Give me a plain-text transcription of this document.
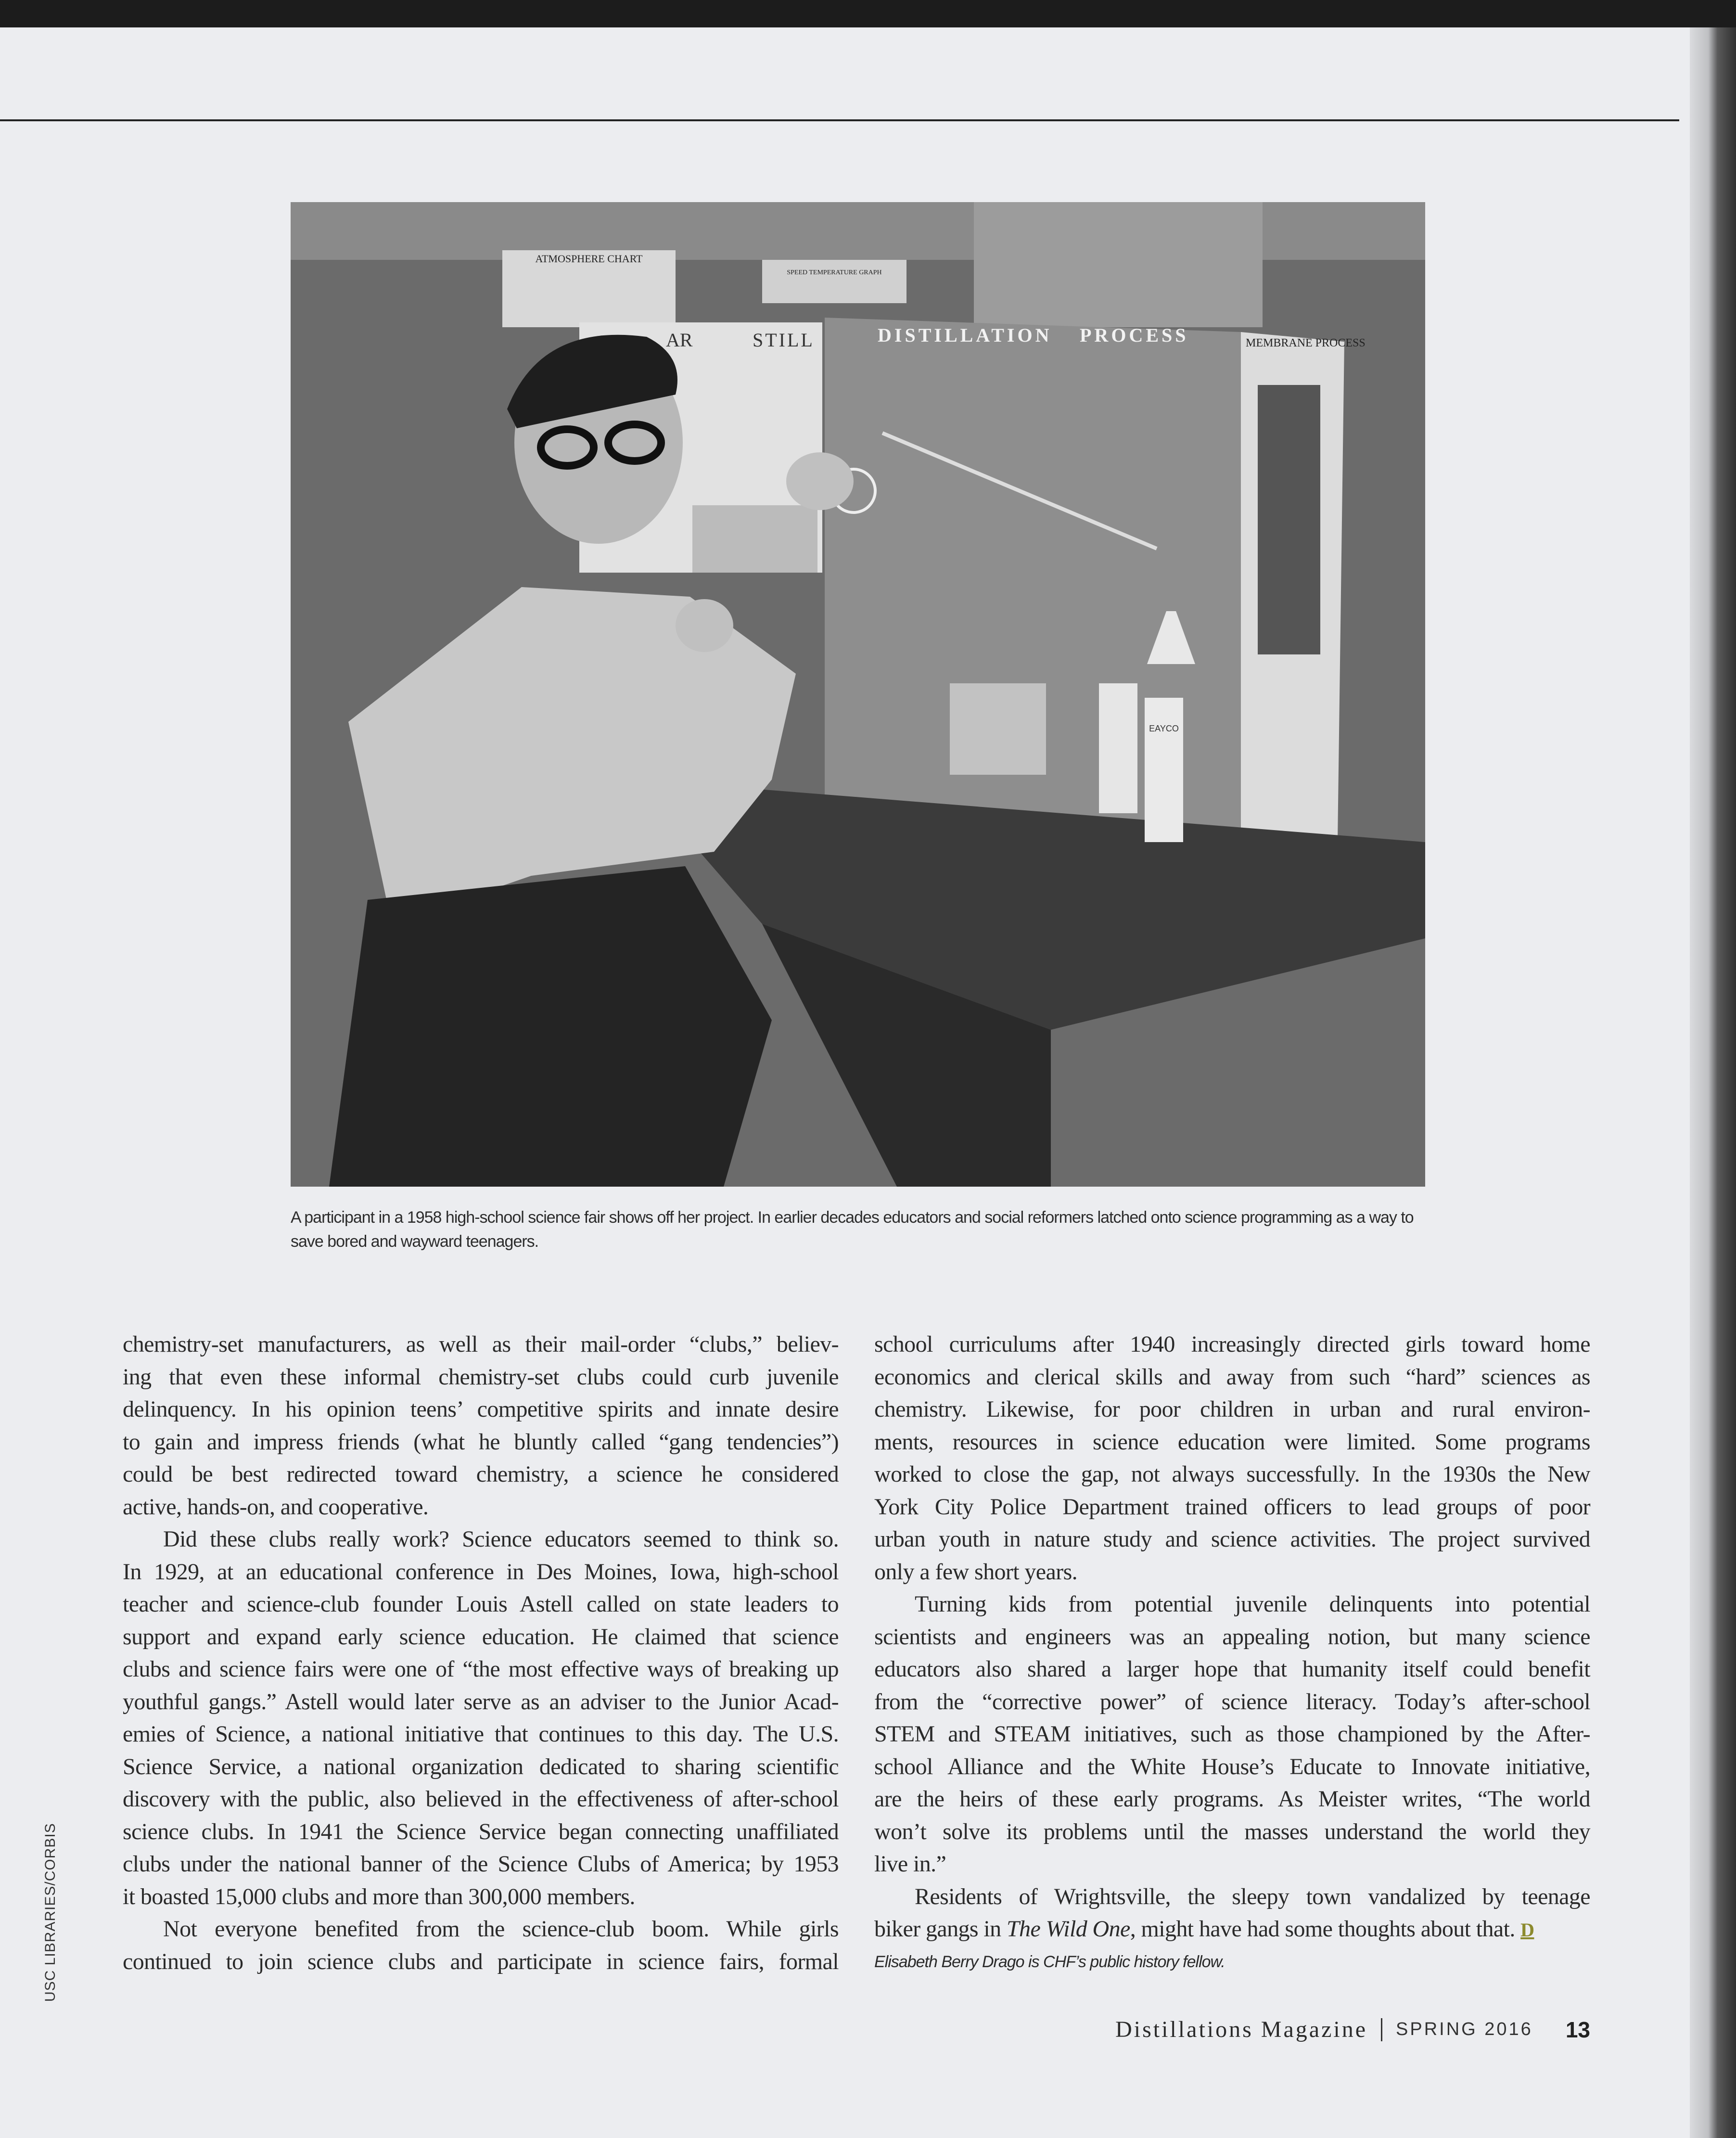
ATMOSPHERE CHART
SPEED TEMPERATURE GRAPH
AR	STILL	DISTILLATION PROCESS	MEMBRANE PROCESS
EAYCO
A participant in a 1958 high-school science fair shows off her project. In earlier decades educators and social reformers latched onto science programming as a way to save bored and wayward teenagers.
USC LIBRARIES/CORBIS
chemistry-set manufacturers, as well as their mail-order “clubs,” believ-
ing that even these informal chemistry-set clubs could curb juvenile
delinquency. In his opinion teens’ competitive spirits and innate desire
to gain and impress friends (what he bluntly called “gang tendencies”)
could be best redirected toward chemistry, a science he considered
active, hands-on, and cooperative.
Did these clubs really work? Science educators seemed to think so.
In 1929, at an educational conference in Des Moines, Iowa, high-school
teacher and science-club founder Louis Astell called on state leaders to
support and expand early science education. He claimed that science
clubs and science fairs were one of “the most effective ways of breaking up
youthful gangs.” Astell would later serve as an adviser to the Junior Acad-
emies of Science, a national initiative that continues to this day. The U.S.
Science Service, a national organization dedicated to sharing scientific
discovery with the public, also believed in the effectiveness of after-school
science clubs. In 1941 the Science Service began connecting unaffiliated
clubs under the national banner of the Science Clubs of America; by 1953
it boasted 15,000 clubs and more than 300,000 members.
Not everyone benefited from the science-club boom. While girls
continued to join science clubs and participate in science fairs, formal
school curriculums after 1940 increasingly directed girls toward home
economics and clerical skills and away from such “hard” sciences as
chemistry. Likewise, for poor children in urban and rural environ-
ments, resources in science education were limited. Some programs
worked to close the gap, not always successfully. In the 1930s the New
York City Police Department trained officers to lead groups of poor
urban youth in nature study and science activities. The project survived
only a few short years.
Turning kids from potential juvenile delinquents into potential
scientists and engineers was an appealing notion, but many science
educators also shared a larger hope that humanity itself could benefit
from the “corrective power” of science literacy. Today’s after-school
STEM and STEAM initiatives, such as those championed by the After-
school Alliance and the White House’s Educate to Innovate initiative,
are the heirs of these early programs. As Meister writes, “The world
won’t solve its problems until the masses understand the world they
live in.”
Residents of Wrightsville, the sleepy town vandalized by teenage
biker gangs in The Wild One, might have had some thoughts about that. D
Elisabeth Berry Drago is CHF’s public history fellow.
Distillations Magazine SPRING 2016 13
